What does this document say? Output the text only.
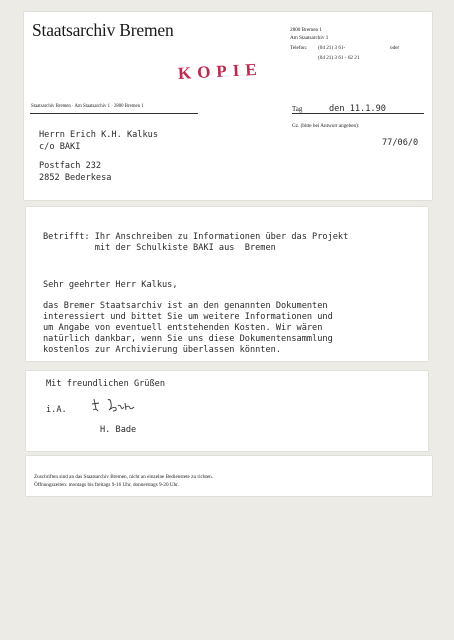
Staatsarchiv Bremen	2800 Bremen 1
Am Staatsarchiv 1
Telefon: (04 21) 3 61-	oder
(04 21) 3 61 - 62 21
KOPIE
Staatsarchiv Bremen · Am Staatsarchiv 1 · 2800 Bremen 1	Tag	den 11.1.90
Gz. (bitte bei Antwort angeben):
77/06/0
Herrn Erich K.H. Kalkus
c/o BAKI
Postfach 232
2852 Bederkesa
Betrifft: Ihr Anschreiben zu Informationen über das Projekt
mit der Schulkiste BAKI aus  Bremen
Sehr geehrter Herr Kalkus,
das Bremer Staatsarchiv ist an den genannten Dokumenten
interessiert und bittet Sie um weitere Informationen und
um Angabe von eventuell entstehenden Kosten. Wir wären
natürlich dankbar, wenn Sie uns diese Dokumentensammlung
kostenlos zur Archivierung überlassen könnten.
Mit freundlichen Grüßen
i.A.
H. Bade
Zuschriften sind an das Staatsarchiv Bremen, nicht an einzelne Bedienstete zu richten.
Öffnungszeiten: montags bis freitags 9-16 Uhr, donnerstags 9-20 Uhr.
